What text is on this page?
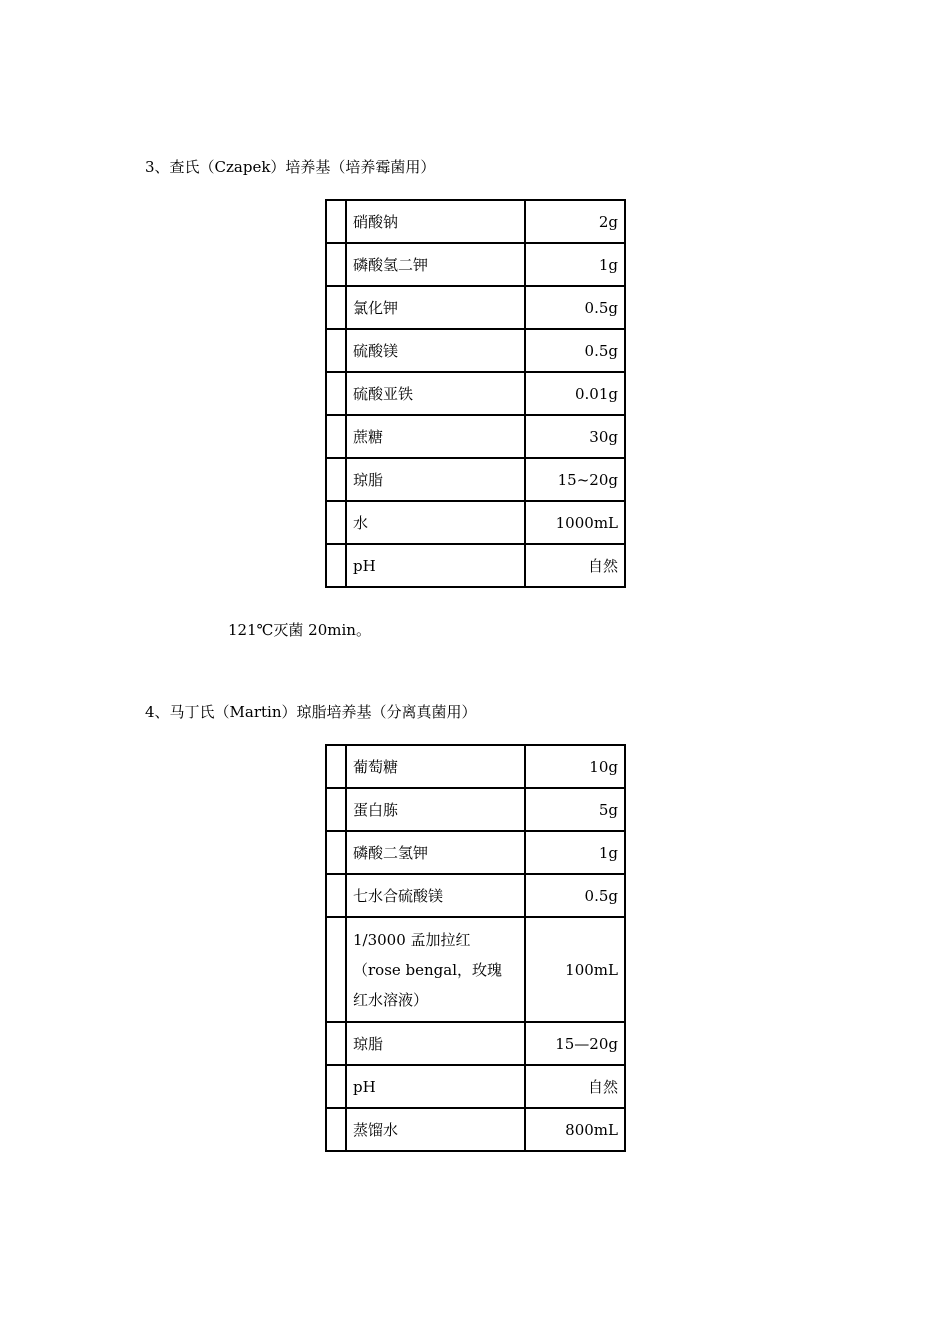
3、查氏（Czapek）培养基（培养霉菌用）
	硝酸钠	2g
	磷酸氢二钾	1g
	氯化钾	0.5g
	硫酸镁	0.5g
	硫酸亚铁	0.01g
	蔗糖	30g
	琼脂	15~20g
	水	1000mL
	pH	自然
121℃灭菌 20min。
4、马丁氏（Martin）琼脂培养基（分离真菌用）
	葡萄糖	10g
	蛋白胨	5g
	磷酸二氢钾	1g
	七水合硫酸镁	0.5g

	1/3000 孟加拉红
（rose bengal，玫瑰
红水溶液）	100mL
	琼脂	15—20g
	pH	自然
	蒸馏水	800mL
